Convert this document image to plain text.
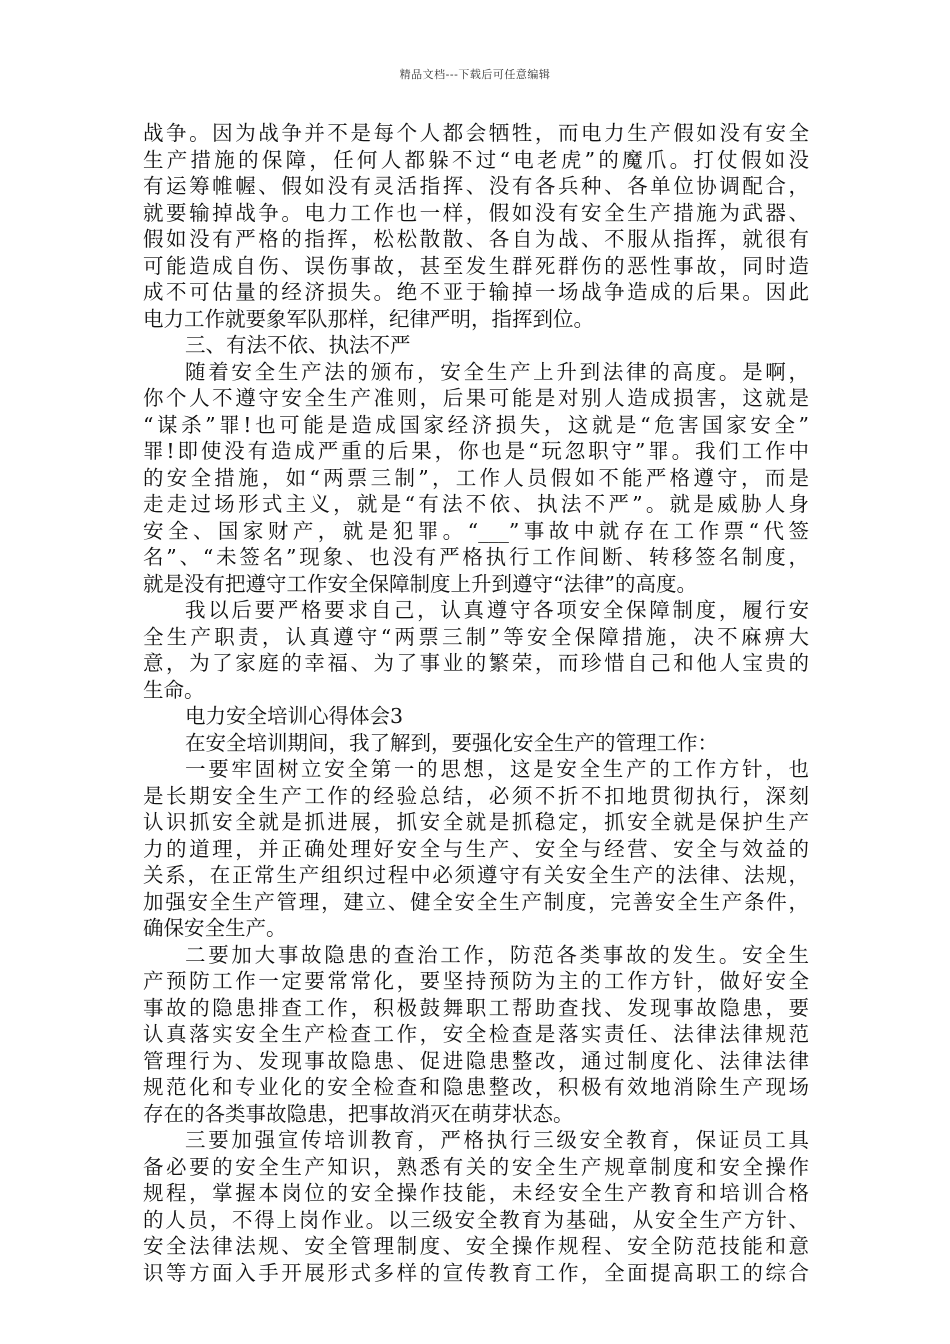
精品文档---下载后可任意编辑
战争。因为战争并不是每个人都会牺牲，而电力生产假如没有安全
生产措施的保障，任何人都躲不过“电老虎”的魔爪。打仗假如没
有运筹帷幄、假如没有灵活指挥、没有各兵种、各单位协调配合，
就要输掉战争。电力工作也一样，假如没有安全生产措施为武器、
假如没有严格的指挥，松松散散、各自为战、不服从指挥，就很有
可能造成自伤、误伤事故，甚至发生群死群伤的恶性事故，同时造
成不可估量的经济损失。绝不亚于输掉一场战争造成的后果。因此
电力工作就要象军队那样，纪律严明，指挥到位。
三、有法不依、执法不严
随着安全生产法的颁布，安全生产上升到法律的高度。是啊，
你个人不遵守安全生产准则，后果可能是对别人造成损害，这就是
“谋杀”罪!也可能是造成国家经济损失，这就是“危害国家安全”
罪!即使没有造成严重的后果，你也是“玩忽职守”罪。我们工作中
的安全措施，如“两票三制”，工作人员假如不能严格遵守，而是
走走过场形式主义，就是“有法不依、执法不严”。就是威胁人身
安全、国家财产，就是犯罪。“___”事故中就存在工作票“代签
名”、“未签名”现象、也没有严格执行工作间断、转移签名制度，
就是没有把遵守工作安全保障制度上升到遵守“法律”的高度。
我以后要严格要求自己，认真遵守各项安全保障制度，履行安
全生产职责，认真遵守“两票三制”等安全保障措施，决不麻痹大
意，为了家庭的幸福、为了事业的繁荣，而珍惜自己和他人宝贵的
生命。
电力安全培训心得体会3
在安全培训期间，我了解到，要强化安全生产的管理工作：
一要牢固树立安全第一的思想，这是安全生产的工作方针，也
是长期安全生产工作的经验总结，必须不折不扣地贯彻执行，深刻
认识抓安全就是抓进展，抓安全就是抓稳定，抓安全就是保护生产
力的道理，并正确处理好安全与生产、安全与经营、安全与效益的
关系，在正常生产组织过程中必须遵守有关安全生产的法律、法规，
加强安全生产管理，建立、健全安全生产制度，完善安全生产条件，
确保安全生产。
二要加大事故隐患的查治工作，防范各类事故的发生。安全生
产预防工作一定要常常化，要坚持预防为主的工作方针，做好安全
事故的隐患排查工作，积极鼓舞职工帮助查找、发现事故隐患，要
认真落实安全生产检查工作，安全检查是落实责任、法律法律规范
管理行为、发现事故隐患、促进隐患整改，通过制度化、法律法律
规范化和专业化的安全检查和隐患整改，积极有效地消除生产现场
存在的各类事故隐患，把事故消灭在萌芽状态。
三要加强宣传培训教育，严格执行三级安全教育，保证员工具
备必要的安全生产知识，熟悉有关的安全生产规章制度和安全操作
规程，掌握本岗位的安全操作技能，未经安全生产教育和培训合格
的人员，不得上岗作业。以三级安全教育为基础，从安全生产方针、
安全法律法规、安全管理制度、安全操作规程、安全防范技能和意
识等方面入手开展形式多样的宣传教育工作，全面提高职工的综合
